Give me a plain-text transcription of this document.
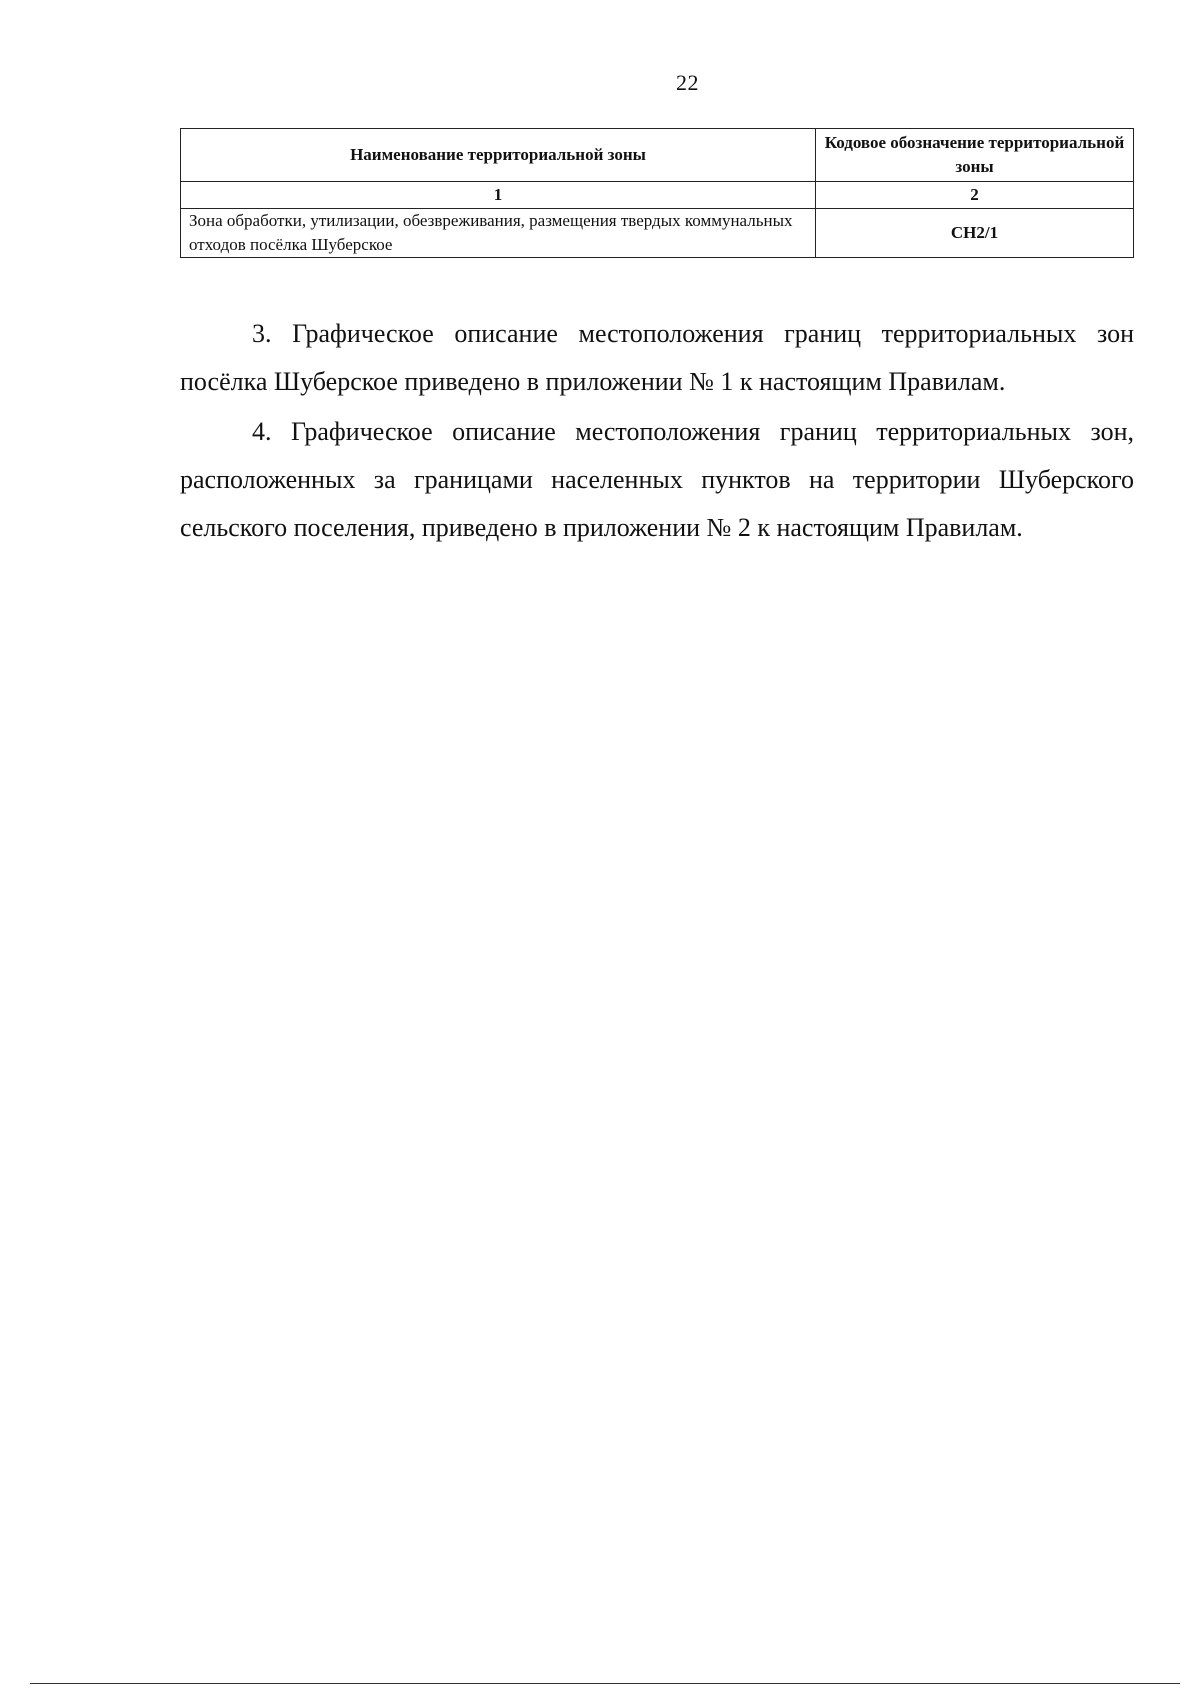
22
Наименование территориальной зоны	Кодовое обозначение территориальной зоны
1	2
Зона обработки, утилизации, обезвреживания, размещения твердых коммунальных отходов посёлка Шуберское	СН2/1

3. Графическое описание местоположения границ территориальных зон посёлка Шуберское приведено в приложении № 1 к настоящим Правилам.

4. Графическое описание местоположения границ территориальных зон, расположенных за границами населенных пунктов на территории Шуберского сельского поселения, приведено в приложении № 2 к настоящим Правилам.
